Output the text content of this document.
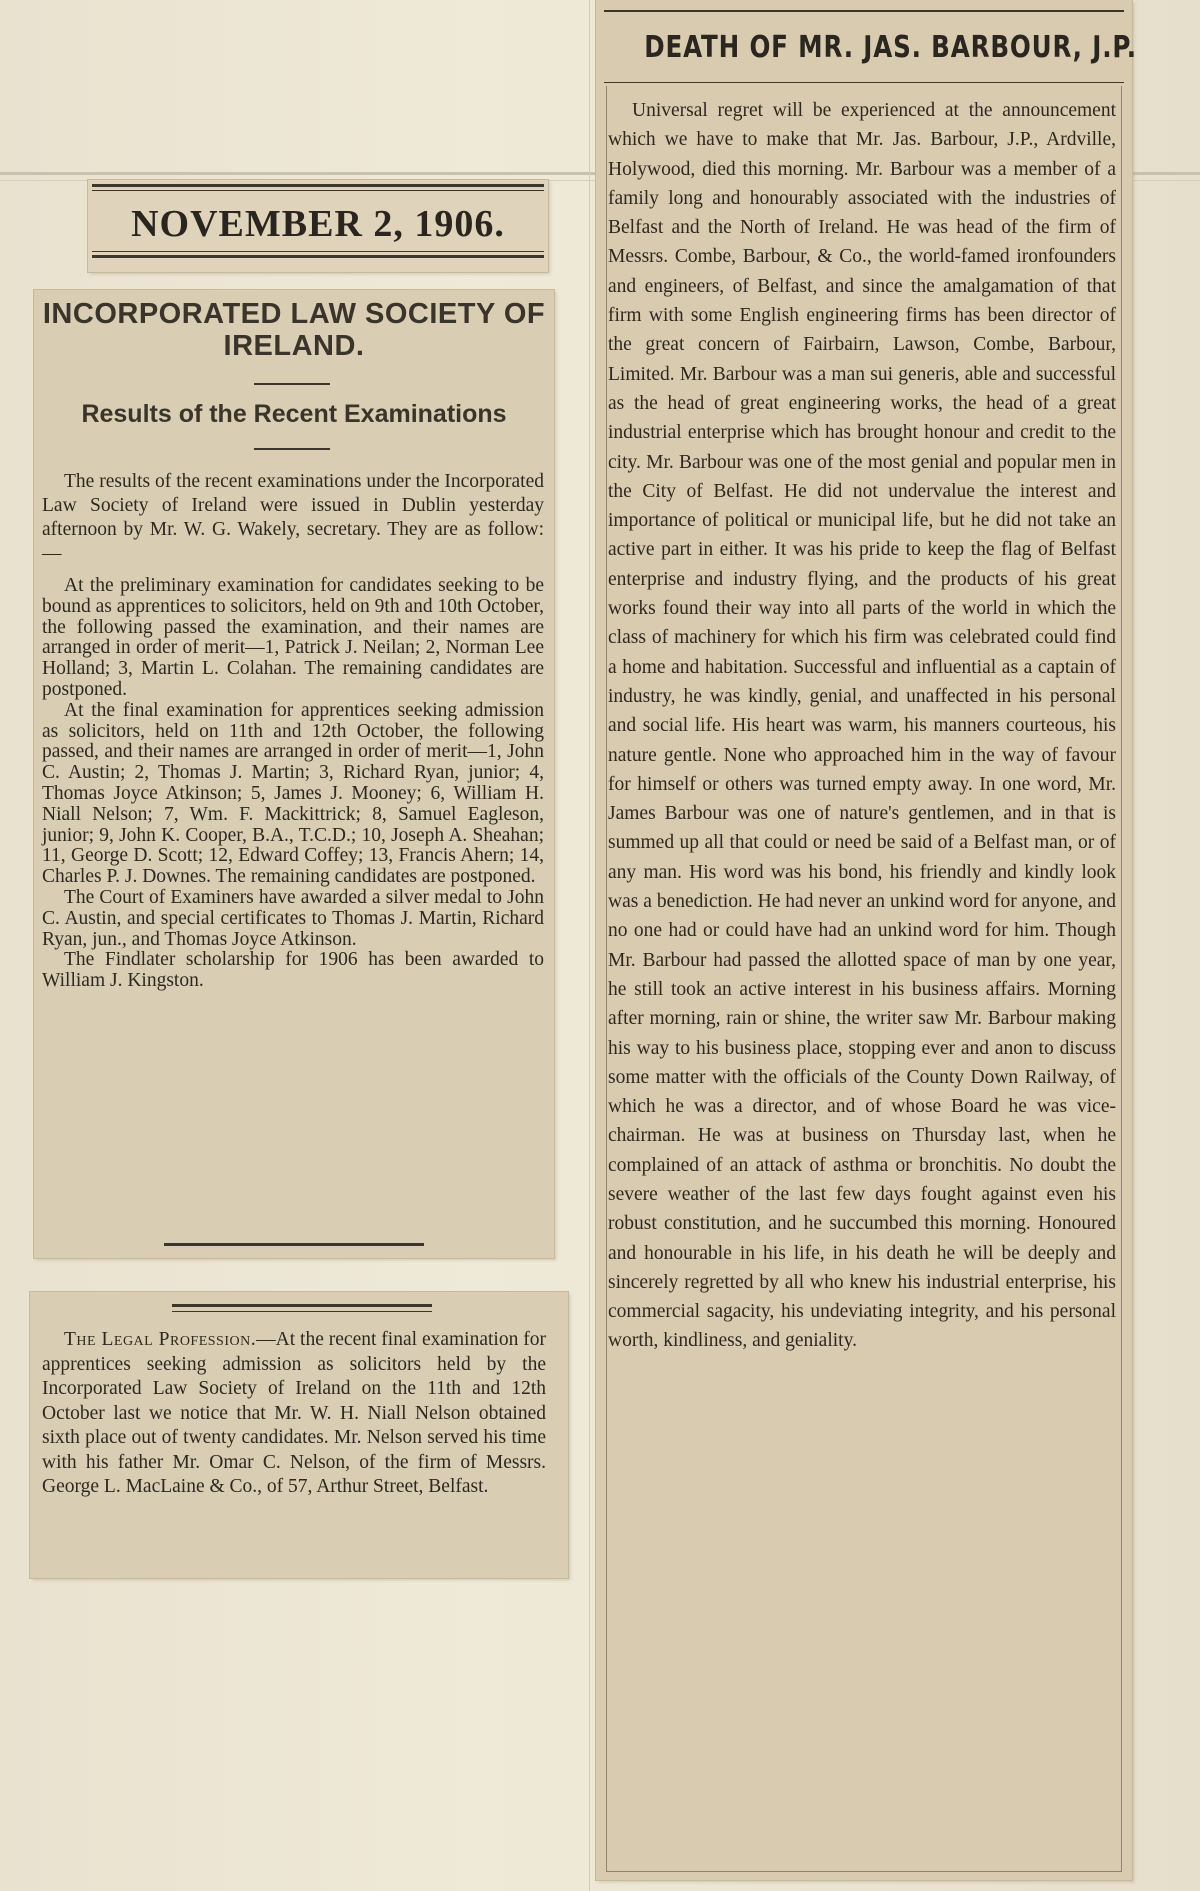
NOVEMBER 2, 1906.
INCORPORATED LAW SOCIETY OF IRELAND.
Results of the Recent Examinations

The results of the recent examinations under the Incorporated Law Society of Ireland were issued in Dublin yesterday afternoon by Mr. W. G. Wakely, secretary. They are as follow:—

At the preliminary examination for candidates seeking to be bound as apprentices to solicitors, held on 9th and 10th October, the following passed the examination, and their names are arranged in order of merit—1, Patrick J. Neilan; 2, Norman Lee Holland; 3, Martin L. Colahan. The remaining candidates are postponed.

At the final examination for apprentices seeking admission as solicitors, held on 11th and 12th October, the following passed, and their names are arranged in order of merit—1, John C. Austin; 2, Thomas J. Martin; 3, Richard Ryan, junior; 4, Thomas Joyce Atkinson; 5, James J. Mooney; 6, William H. Niall Nelson; 7, Wm. F. Mackittrick; 8, Samuel Eagleson, junior; 9, John K. Cooper, B.A., T.C.D.; 10, Joseph A. Sheahan; 11, George D. Scott; 12, Edward Coffey; 13, Francis Ahern; 14, Charles P. J. Downes. The remaining candidates are postponed.

The Court of Examiners have awarded a silver medal to John C. Austin, and special certificates to Thomas J. Martin, Richard Ryan, jun., and Thomas Joyce Atkinson.

The Findlater scholarship for 1906 has been awarded to William J. Kingston.

The Legal Profession.—At the recent final examination for apprentices seeking admission as solicitors held by the Incorporated Law Society of Ireland on the 11th and 12th October last we notice that Mr. W. H. Niall Nelson obtained sixth place out of twenty candidates. Mr. Nelson served his time with his father Mr. Omar C. Nelson, of the firm of Messrs. George L. MacLaine & Co., of 57, Arthur Street, Belfast.
DEATH OF MR. JAS. BARBOUR, J.P.

Universal regret will be experienced at the announcement which we have to make that Mr. Jas. Barbour, J.P., Ardville, Holywood, died this morning. Mr. Barbour was a member of a family long and honourably associated with the industries of Belfast and the North of Ireland. He was head of the firm of Messrs. Combe, Barbour, & Co., the world-famed ironfounders and engineers, of Belfast, and since the amalgamation of that firm with some English engineering firms has been director of the great concern of Fairbairn, Lawson, Combe, Barbour, Limited. Mr. Barbour was a man sui generis, able and successful as the head of great engineering works, the head of a great industrial enterprise which has brought honour and credit to the city. Mr. Barbour was one of the most genial and popular men in the City of Belfast. He did not undervalue the interest and importance of political or municipal life, but he did not take an active part in either. It was his pride to keep the flag of Belfast enterprise and industry flying, and the products of his great works found their way into all parts of the world in which the class of machinery for which his firm was celebrated could find a home and habitation. Successful and influential as a captain of industry, he was kindly, genial, and unaffected in his personal and social life. His heart was warm, his manners courteous, his nature gentle. None who approached him in the way of favour for himself or others was turned empty away. In one word, Mr. James Barbour was one of nature's gentlemen, and in that is summed up all that could or need be said of a Belfast man, or of any man. His word was his bond, his friendly and kindly look was a benediction. He had never an unkind word for anyone, and no one had or could have had an unkind word for him. Though Mr. Barbour had passed the allotted space of man by one year, he still took an active interest in his business affairs. Morning after morning, rain or shine, the writer saw Mr. Barbour making his way to his business place, stopping ever and anon to discuss some matter with the officials of the County Down Railway, of which he was a director, and of whose Board he was vice-chairman. He was at business on Thursday last, when he complained of an attack of asthma or bronchitis. No doubt the severe weather of the last few days fought against even his robust constitution, and he succumbed this morning. Honoured and honourable in his life, in his death he will be deeply and sincerely regretted by all who knew his industrial enterprise, his commercial sagacity, his undeviating integrity, and his personal worth, kindliness, and geniality.
